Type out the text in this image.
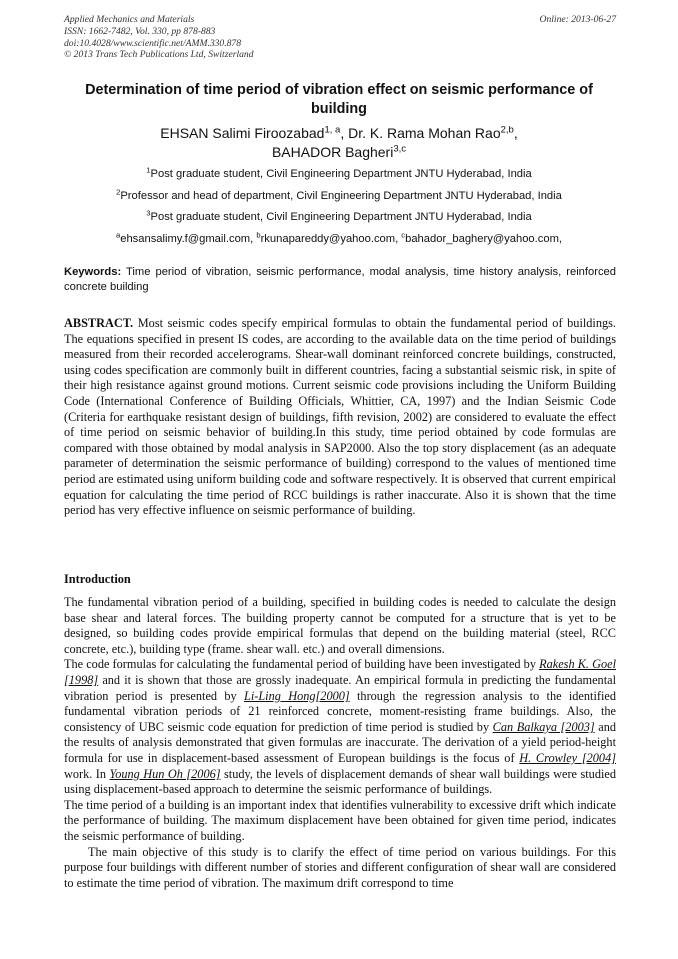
Applied Mechanics and Materials
ISSN: 1662-7482, Vol. 330, pp 878-883
doi:10.4028/www.scientific.net/AMM.330.878
© 2013 Trans Tech Publications Ltd, Switzerland
Online: 2013-06-27
Determination of time period of vibration effect on seismic performance of building
EHSAN Salimi Firoozabad$^{1, a}$, Dr. K. Rama Mohan Rao$^{2,b}$,
BAHADOR Bagheri$^{3,c}$
$^1$Post graduate student, Civil Engineering Department JNTU Hyderabad, India
$^2$Professor and head of department, Civil Engineering Department JNTU Hyderabad, India
$^3$Post graduate student, Civil Engineering Department JNTU Hyderabad, India
$^a$ehsansalimy.f@gmail.com, $^b$rkunapareddy@yahoo.com, $^c$bahador_baghery@yahoo.com,
Keywords: Time period of vibration, seismic performance, modal analysis, time history analysis, reinforced concrete building
ABSTRACT. Most seismic codes specify empirical formulas to obtain the fundamental period of buildings. The equations specified in present IS codes, are according to the available data on the time period of buildings measured from their recorded accelerograms. Shear-wall dominant reinforced concrete buildings, constructed, using codes specification are commonly built in different countries, facing a substantial seismic risk, in spite of their high resistance against ground motions. Current seismic code provisions including the Uniform Building Code (International Conference of Building Officials, Whittier, CA, 1997) and the Indian Seismic Code (Criteria for earthquake resistant design of buildings, fifth revision, 2002) are considered to evaluate the effect of time period on seismic behavior of building.In this study, time period obtained by code formulas are compared with those obtained by modal analysis in SAP2000. Also the top story displacement (as an adequate parameter of determination the seismic performance of building) correspond to the values of mentioned time period are estimated using uniform building code and software respectively. It is observed that current empirical equation for calculating the time period of RCC buildings is rather inaccurate. Also it is shown that the time period has very effective influence on seismic performance of building.
Introduction

The fundamental vibration period of a building, specified in building codes is needed to calculate the design base shear and lateral forces. The building property cannot be computed for a structure that is yet to be designed, so building codes provide empirical formulas that depend on the building material (steel, RCC concrete, etc.), building type (frame. shear wall. etc.) and overall dimensions.

The code formulas for calculating the fundamental period of building have been investigated by Rakesh K. Goel [1998] and it is shown that those are grossly inadequate. An empirical formula in predicting the fundamental vibration period is presented by Li-Ling Hong[2000] through the regression analysis to the identified fundamental vibration periods of 21 reinforced concrete, moment-resisting frame buildings. Also, the consistency of UBC seismic code equation for prediction of time period is studied by Can Balkaya [2003] and the results of analysis demonstrated that given formulas are inaccurate. The derivation of a yield period-height formula for use in displacement-based assessment of European buildings is the focus of H. Crowley [2004] work. In Young Hun Oh [2006] study, the levels of displacement demands of shear wall buildings were studied using displacement-based approach to determine the seismic performance of buildings.

The time period of a building is an important index that identifies vulnerability to excessive drift which indicate the performance of building. The maximum displacement have been obtained for given time period, indicates the seismic performance of building.

The main objective of this study is to clarify the effect of time period on various buildings. For this purpose four buildings with different number of stories and different configuration of shear wall are considered to estimate the time period of vibration. The maximum drift correspond to time
